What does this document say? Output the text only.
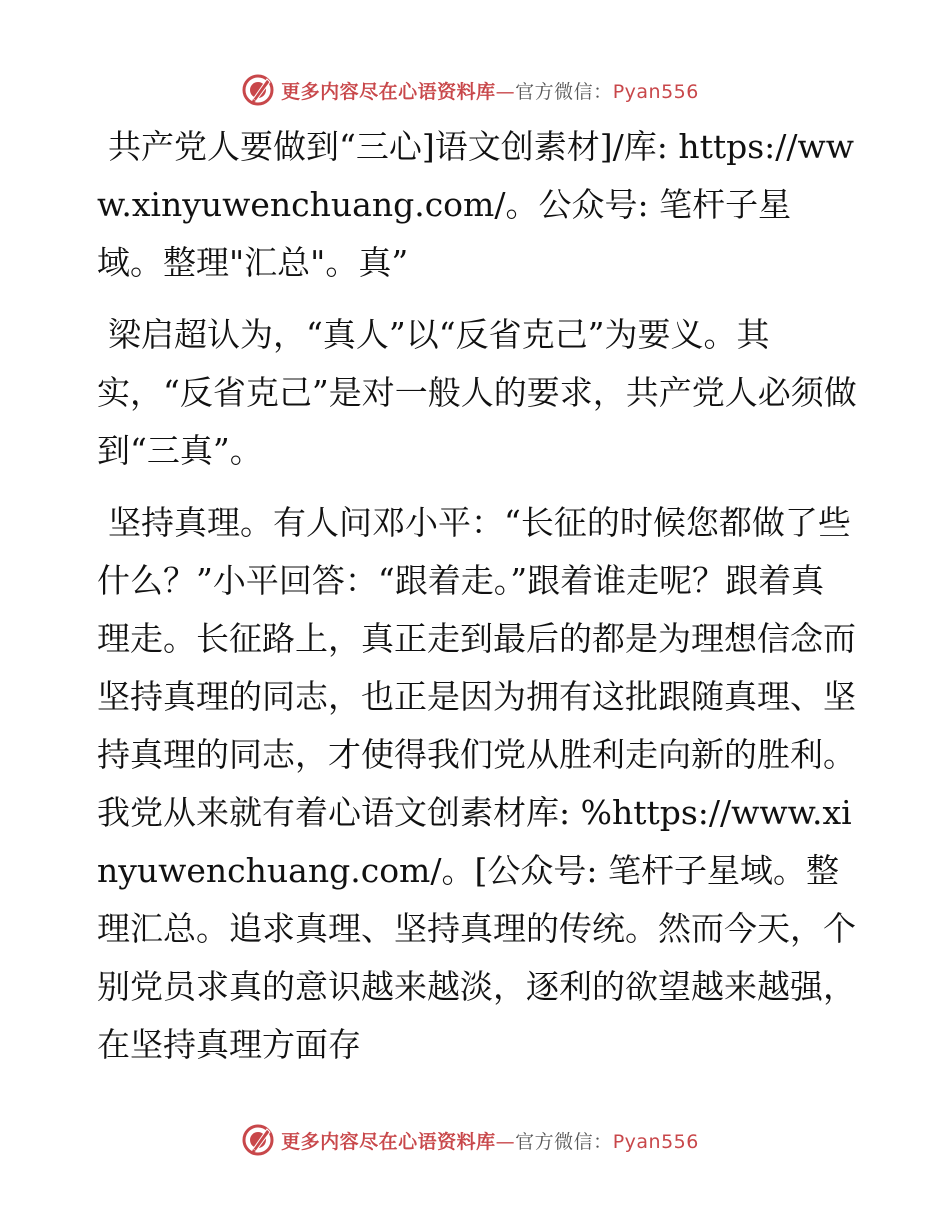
更多内容尽在心语资料库—官方微信：Pyan556

共产党人要做到“三心]语文创素材]/库: https://www.xinyuwenchuang.com/。公众号: 笔杆子星域。整理"汇总"。真”

梁启超认为，“真人”以“反省克己”为要义。其实，“反省克己”是对一般人的要求，共产党人必须做到“三真”。

坚持真理。有人问邓小平：“长征的时候您都做了些什么？”小平回答：“跟着走。”跟着谁走呢？跟着真理走。长征路上，真正走到最后的都是为理想信念而坚持真理的同志，也正是因为拥有这批跟随真理、坚持真理的同志，才使得我们党从胜利走向新的胜利。我党从来就有着心语文创素材库: %https://www.xinyuwenchuang.com/。[公众号: 笔杆子星域。整理汇总。追求真理、坚持真理的传统。然而今天，个别党员求真的意识越来越淡，逐利的欲望越来越强，在坚持真理方面存

更多内容尽在心语资料库—官方微信：Pyan556
